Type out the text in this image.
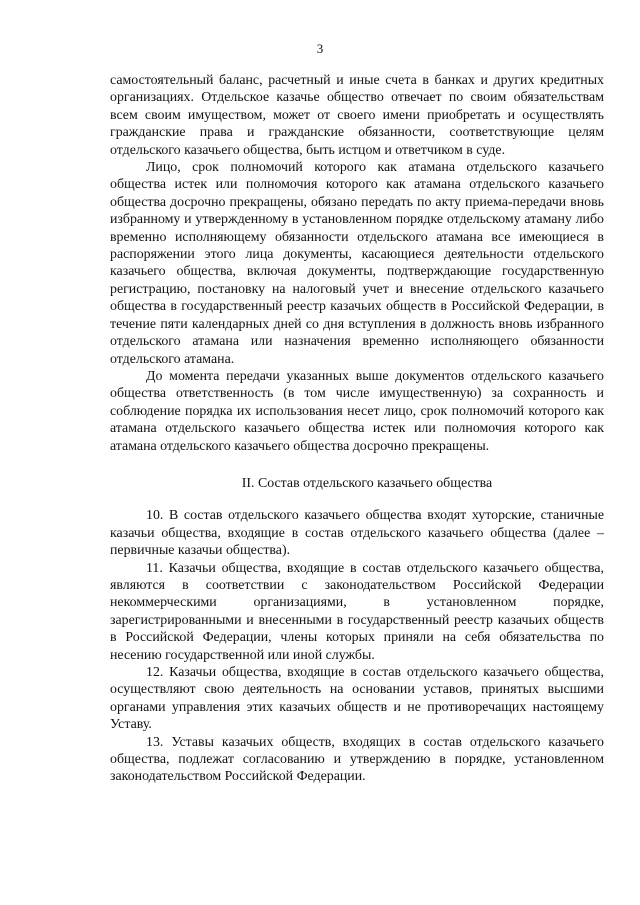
3

самостоятельный баланс, расчетный и иные счета в банках и других кредитных организациях. Отдельское казачье общество отвечает по своим обязательствам всем своим имуществом, может от своего имени приобретать и осуществлять гражданские права и гражданские обязанности, соответствующие целям отдельского казачьего общества, быть истцом и ответчиком в суде.

Лицо, срок полномочий которого как атамана отдельского казачьего общества истек или полномочия которого как атамана отдельского казачьего общества досрочно прекращены, обязано передать по акту приема-передачи вновь избранному и утвержденному в установленном порядке отдельскому атаману либо временно исполняющему обязанности отдельского атамана все имеющиеся в распоряжении этого лица документы, касающиеся деятельности отдельского казачьего общества, включая документы, подтверждающие государственную регистрацию, постановку на налоговый учет и внесение отдельского казачьего общества в государственный реестр казачьих обществ в Российской Федерации, в течение пяти календарных дней со дня вступления в должность вновь избранного отдельского атамана или назначения временно исполняющего обязанности отдельского атамана.

До момента передачи указанных выше документов отдельского казачьего общества ответственность (в том числе имущественную) за сохранность и соблюдение порядка их использования несет лицо, срок полномочий которого как атамана отдельского казачьего общества истек или полномочия которого как атамана отдельского казачьего общества досрочно прекращены.

II. Состав отдельского казачьего общества

10. В состав отдельского казачьего общества входят хуторские, станичные казачьи общества, входящие в состав отдельского казачьего общества (далее – первичные казачьи общества).

11. Казачьи общества, входящие в состав отдельского казачьего общества, являются в соответствии с законодательством Российской Федерации некоммерческими организациями, в установленном порядке, зарегистрированными и внесенными в государственный реестр казачьих обществ в Российской Федерации, члены которых приняли на себя обязательства по несению государственной или иной службы.

12. Казачьи общества, входящие в состав отдельского казачьего общества, осуществляют свою деятельность на основании уставов, принятых высшими органами управления этих казачьих обществ и не противоречащих настоящему Уставу.

13. Уставы казачьих обществ, входящих в состав отдельского казачьего общества, подлежат согласованию и утверждению в порядке, установленном законодательством Российской Федерации.
